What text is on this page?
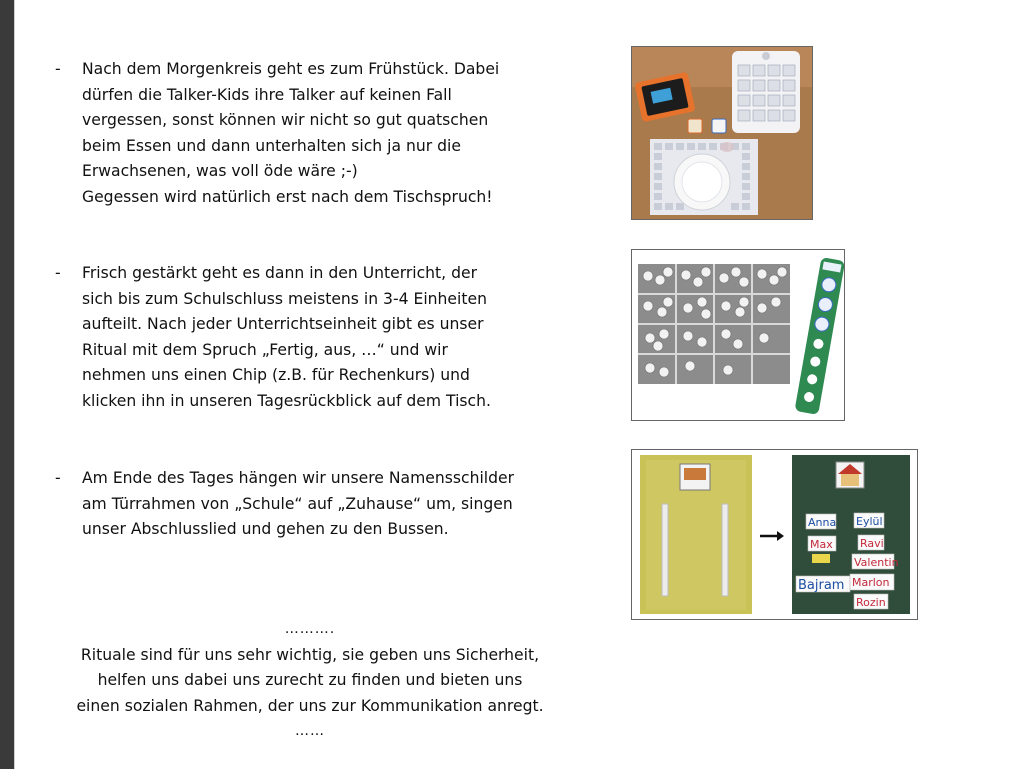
-	Nach dem Morgenkreis geht es zum Frühstück. Dabei
dürfen die Talker-Kids ihre Talker auf keinen Fall
vergessen, sonst können wir nicht so gut quatschen
beim Essen und dann unterhalten sich ja nur die
Erwachsenen, was voll öde wäre ;-)
Gegessen wird natürlich erst nach dem Tischspruch!
-	Frisch gestärkt geht es dann in den Unterricht, der
sich bis zum Schulschluss meistens in 3-4 Einheiten
aufteilt. Nach jeder Unterrichtseinheit gibt es unser
Ritual mit dem Spruch „Fertig, aus, …“ und wir
nehmen uns einen Chip (z.B. für Rechenkurs) und
klicken ihn in unseren Tagesrückblick auf dem Tisch.
-	Am Ende des Tages hängen wir unsere Namensschilder
am Türrahmen von „Schule“ auf „Zuhause“ um, singen
unser Abschlusslied und gehen zu den Bussen.
……….
Rituale sind für uns sehr wichtig, sie geben uns Sicherheit,
helfen uns dabei uns zurecht zu finden und bieten uns
einen sozialen Rahmen, der uns zur Kommunikation anregt.
……
Anna Eylül
Max Ravi
Valentin
Bajram Marlon
Rozin
